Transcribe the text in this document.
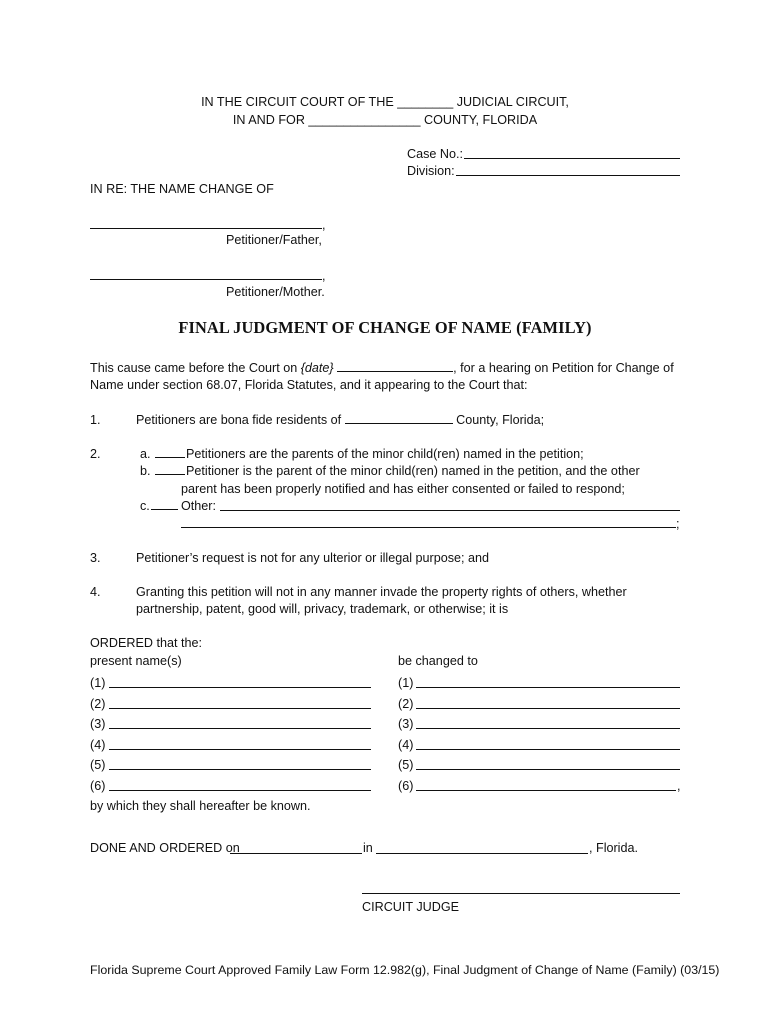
IN THE CIRCUIT COURT OF THE ________ JUDICIAL CIRCUIT,
IN AND FOR ________________ COUNTY, FLORIDA
Case No.:
Division:
IN RE: THE NAME CHANGE OF
,
Petitioner/Father,
,
Petitioner/Mother.
FINAL JUDGMENT OF CHANGE OF NAME (FAMILY)
This cause came before the Court on {date}	, for a hearing on Petition for Change of
Name under section 68.07, Florida Statutes, and it appearing to the Court that:
1.	Petitioners are bona fide residents of	County, Florida;
2.	a.	Petitioners are the parents of the minor child(ren) named in the petition;
b.	Petitioner is the parent of the minor child(ren) named in the petition, and the other
parent has been properly notified and has either consented or failed to respond;
c. Other:
;
3.	Petitioner’s request is not for any ulterior or illegal purpose; and
4.	Granting this petition will not in any manner invade the property rights of others, whether
partnership, patent, good will, privacy, trademark, or otherwise; it is
ORDERED that the:
present name(s)	be changed to
(1)	(1)
(2)	(2)
(3)	(3)
(4)	(4)
(5)	(5)
(6)	(6)	,
by which they shall hereafter be known.
DONE AND ORDERED on	in	, Florida.
CIRCUIT JUDGE
Florida Supreme Court Approved Family Law Form 12.982(g), Final Judgment of Change of Name (Family) (03/15)
